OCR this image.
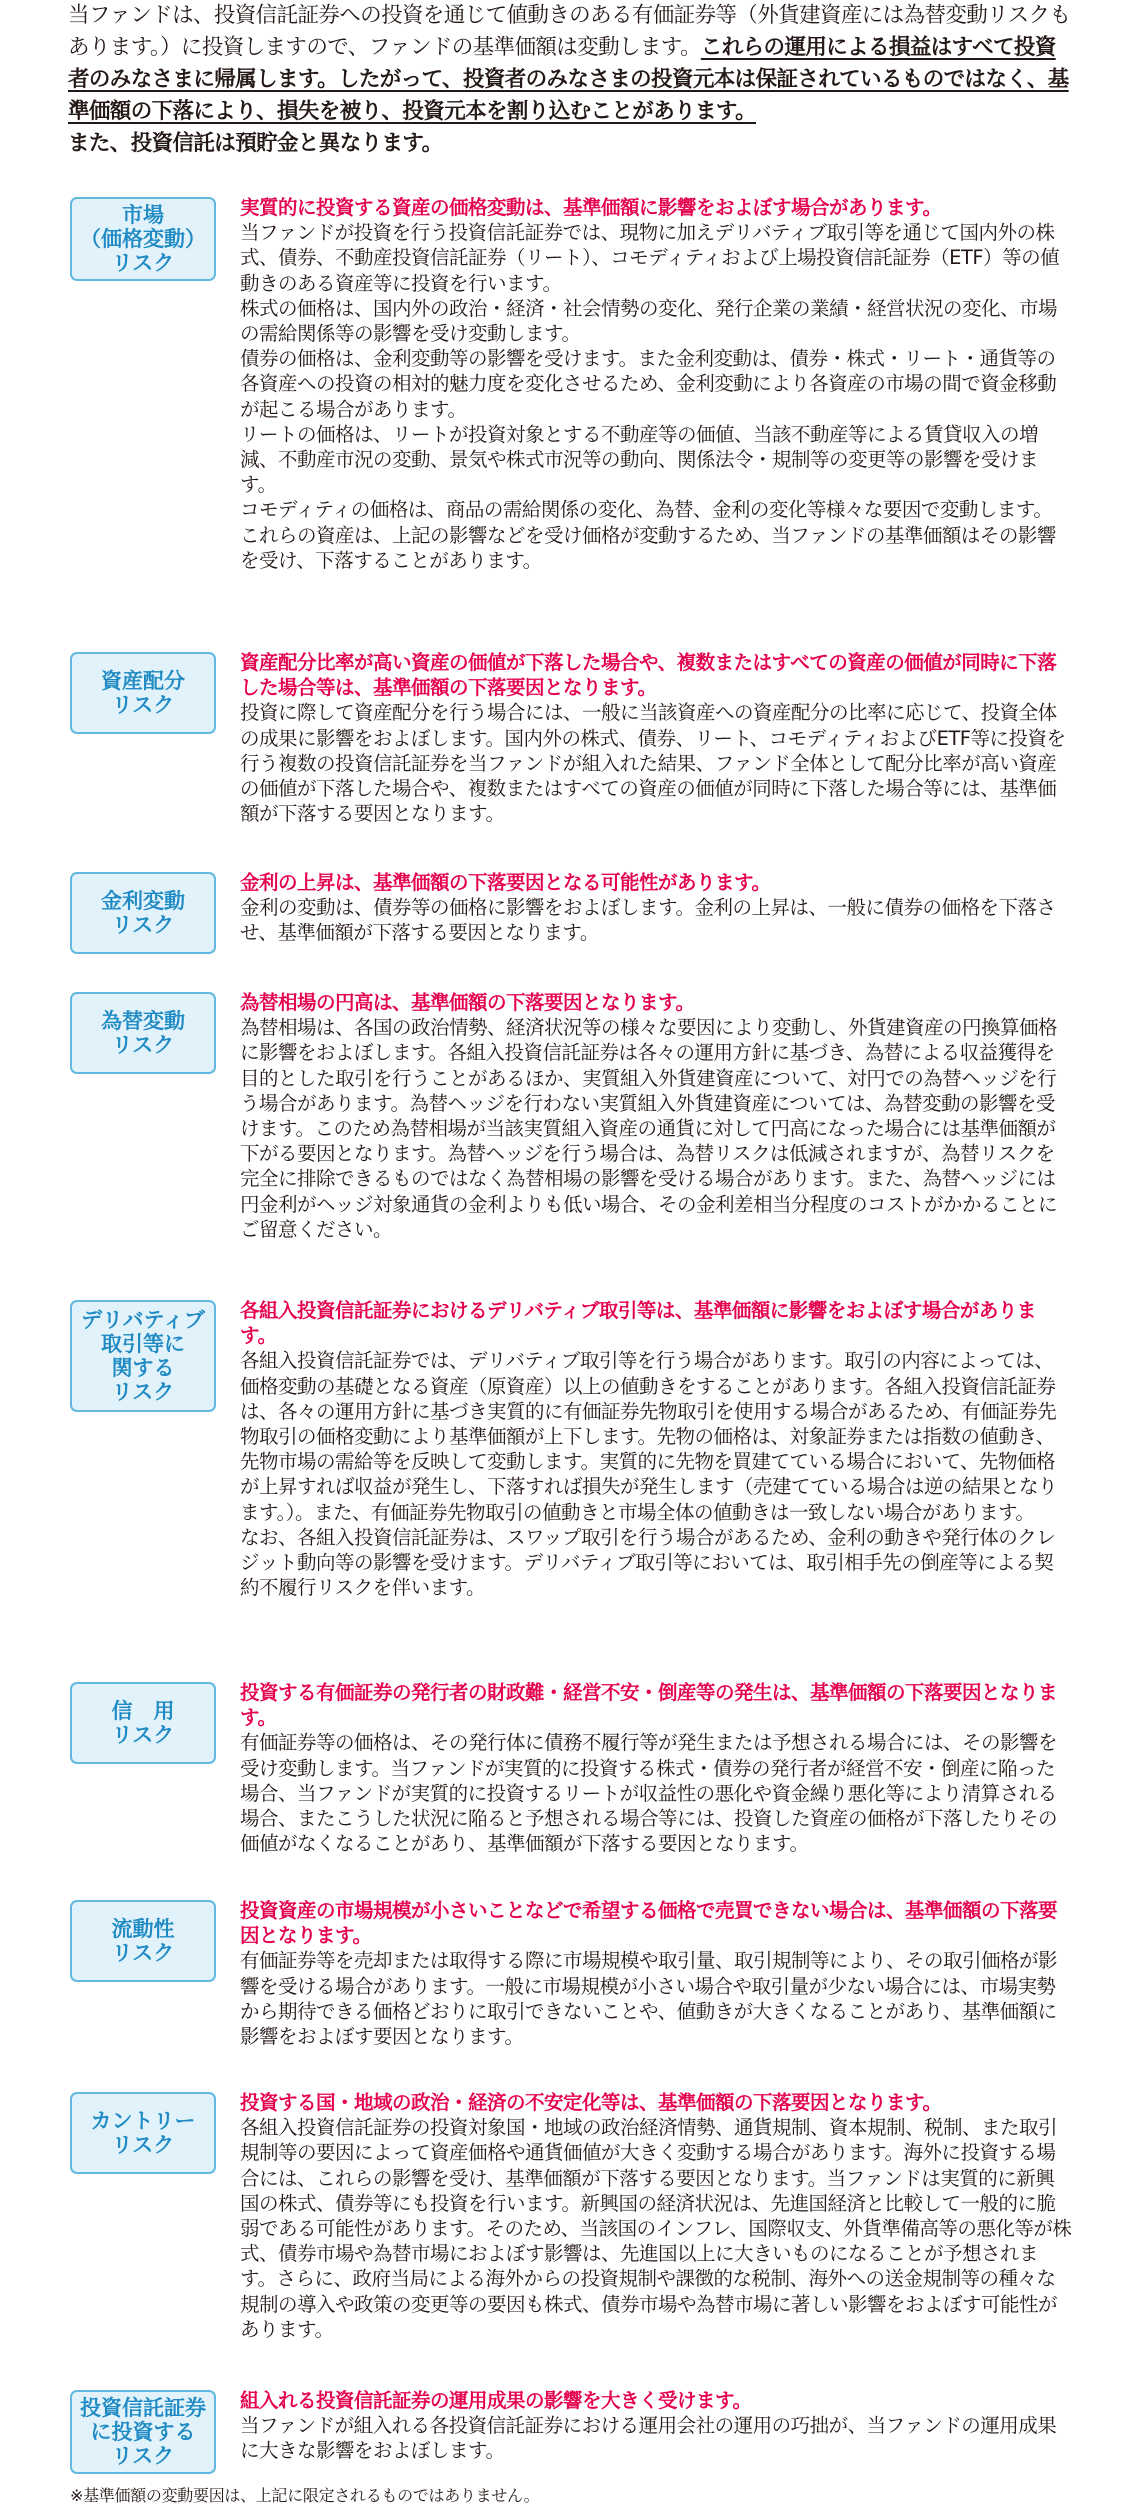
当ファンドは、投資信託証券への投資を通じて値動きのある有価証券等（外貨建資産には為替変動リスクもあります。）に投資しますので、ファンドの基準価額は変動します。これらの運用による損益はすべて投資者のみなさまに帰属します。したがって、投資者のみなさまの投資元本は保証されているものではなく、基準価額の下落により、損失を被り、投資元本を割り込むことがあります。
また、投資信託は預貯金と異なります。
市場
（価格変動）
リスク

実質的に投資する資産の価格変動は、基準価額に影響をおよぼす場合があります。

当ファンドが投資を行う投資信託証券では、現物に加えデリバティブ取引等を通じて国内外の株式、債券、不動産投資信託証券（リート）、コモディティおよび上場投資信託証券（ETF）等の値動きのある資産等に投資を行います。

株式の価格は、国内外の政治・経済・社会情勢の変化、発行企業の業績・経営状況の変化、市場の需給関係等の影響を受け変動します。

債券の価格は、金利変動等の影響を受けます。また金利変動は、債券・株式・リート・通貨等の各資産への投資の相対的魅力度を変化させるため、金利変動により各資産の市場の間で資金移動が起こる場合があります。

リートの価格は、リートが投資対象とする不動産等の価値、当該不動産等による賃貸収入の増減、不動産市況の変動、景気や株式市況等の動向、関係法令・規制等の変更等の影響を受けます。

コモディティの価格は、商品の需給関係の変化、為替、金利の変化等様々な要因で変動します。

これらの資産は、上記の影響などを受け価格が変動するため、当ファンドの基準価額はその影響を受け、下落することがあります。

資産配分
リスク

資産配分比率が高い資産の価値が下落した場合や、複数またはすべての資産の価値が同時に下落した場合等は、基準価額の下落要因となります。

投資に際して資産配分を行う場合には、一般に当該資産への資産配分の比率に応じて、投資全体の成果に影響をおよぼします。国内外の株式、債券、リート、コモディティおよびETF等に投資を行う複数の投資信託証券を当ファンドが組入れた結果、ファンド全体として配分比率が高い資産の価値が下落した場合や、複数またはすべての資産の価値が同時に下落した場合等には、基準価額が下落する要因となります。

金利変動
リスク

金利の上昇は、基準価額の下落要因となる可能性があります。

金利の変動は、債券等の価格に影響をおよぼします。金利の上昇は、一般に債券の価格を下落させ、基準価額が下落する要因となります。

為替変動
リスク

為替相場の円高は、基準価額の下落要因となります。

為替相場は、各国の政治情勢、経済状況等の様々な要因により変動し、外貨建資産の円換算価格に影響をおよぼします。各組入投資信託証券は各々の運用方針に基づき、為替による収益獲得を目的とした取引を行うことがあるほか、実質組入外貨建資産について、対円での為替ヘッジを行う場合があります。為替ヘッジを行わない実質組入外貨建資産については、為替変動の影響を受けます。このため為替相場が当該実質組入資産の通貨に対して円高になった場合には基準価額が下がる要因となります。為替ヘッジを行う場合は、為替リスクは低減されますが、為替リスクを完全に排除できるものではなく為替相場の影響を受ける場合があります。また、為替ヘッジには円金利がヘッジ対象通貨の金利よりも低い場合、その金利差相当分程度のコストがかかることにご留意ください。

デリバティブ
取引等に
関する
リスク

各組入投資信託証券におけるデリバティブ取引等は、基準価額に影響をおよぼす場合があります。

各組入投資信託証券では、デリバティブ取引等を行う場合があります。取引の内容によっては、価格変動の基礎となる資産（原資産）以上の値動きをすることがあります。各組入投資信託証券は、各々の運用方針に基づき実質的に有価証券先物取引を使用する場合があるため、有価証券先物取引の価格変動により基準価額が上下します。先物の価格は、対象証券または指数の値動き、先物市場の需給等を反映して変動します。実質的に先物を買建てている場合において、先物価格が上昇すれば収益が発生し、下落すれば損失が発生します（売建てている場合は逆の結果となります。）。また、有価証券先物取引の値動きと市場全体の値動きは一致しない場合があります。

なお、各組入投資信託証券は、スワップ取引を行う場合があるため、金利の動きや発行体のクレジット動向等の影響を受けます。デリバティブ取引等においては、取引相手先の倒産等による契約不履行リスクを伴います。

信　用
リスク

投資する有価証券の発行者の財政難・経営不安・倒産等の発生は、基準価額の下落要因となります。

有価証券等の価格は、その発行体に債務不履行等が発生または予想される場合には、その影響を受け変動します。当ファンドが実質的に投資する株式・債券の発行者が経営不安・倒産に陥った場合、当ファンドが実質的に投資するリートが収益性の悪化や資金繰り悪化等により清算される場合、またこうした状況に陥ると予想される場合等には、投資した資産の価格が下落したりその価値がなくなることがあり、基準価額が下落する要因となります。

流動性
リスク

投資資産の市場規模が小さいことなどで希望する価格で売買できない場合は、基準価額の下落要因となります。

有価証券等を売却または取得する際に市場規模や取引量、取引規制等により、その取引価格が影響を受ける場合があります。一般に市場規模が小さい場合や取引量が少ない場合には、市場実勢から期待できる価格どおりに取引できないことや、値動きが大きくなることがあり、基準価額に影響をおよぼす要因となります。

カントリー
リスク

投資する国・地域の政治・経済の不安定化等は、基準価額の下落要因となります。

各組入投資信託証券の投資対象国・地域の政治経済情勢、通貨規制、資本規制、税制、また取引規制等の要因によって資産価格や通貨価値が大きく変動する場合があります。海外に投資する場合には、これらの影響を受け、基準価額が下落する要因となります。当ファンドは実質的に新興国の株式、債券等にも投資を行います。新興国の経済状況は、先進国経済と比較して一般的に脆弱である可能性があります。そのため、当該国のインフレ、国際収支、外貨準備高等の悪化等が株式、債券市場や為替市場におよぼす影響は、先進国以上に大きいものになることが予想されます。さらに、政府当局による海外からの投資規制や課徴的な税制、海外への送金規制等の種々な規制の導入や政策の変更等の要因も株式、債券市場や為替市場に著しい影響をおよぼす可能性があります。

投資信託証券
に投資する
リスク

組入れる投資信託証券の運用成果の影響を大きく受けます。

当ファンドが組入れる各投資信託証券における運用会社の運用の巧拙が、当ファンドの運用成果に大きな影響をおよぼします。

※基準価額の変動要因は、上記に限定されるものではありません。
